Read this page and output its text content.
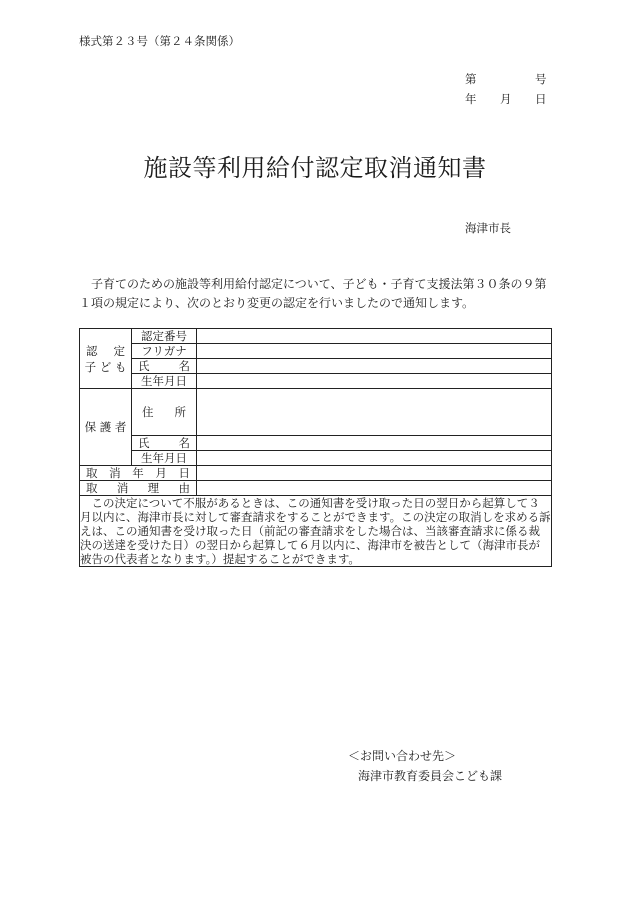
様式第２３号（第２４条関係）
第	号
年 月 日
施設等利用給付認定取消通知書
海津市長
子育てのための施設等利用給付認定について、子ども・子育て支援法第３０条の９第１項の規定により、次のとおり変更の認定を行いましたので通知します。
認 定
子 ど も	認定番号	
	フリガナ	

	氏 名	

	生年月日	
保 護 者	住 所	

	氏 名	

	生年月日	

取 消 年 月 日		

取 消 理 由		

この決定について不服があるときは、この通知書を受け取った日の翌日から起算して３月以内に、海津市長に対して審査請求をすることができます。この決定の取消しを求める訴えは、この通知書を受け取った日（前記の審査請求をした場合は、当該審査請求に係る裁決の送達を受けた日）の翌日から起算して６月以内に、海津市を被告として（海津市長が被告の代表者となります。）提起することができます。		

＜お問い合わせ先＞
海津市教育委員会こども課
